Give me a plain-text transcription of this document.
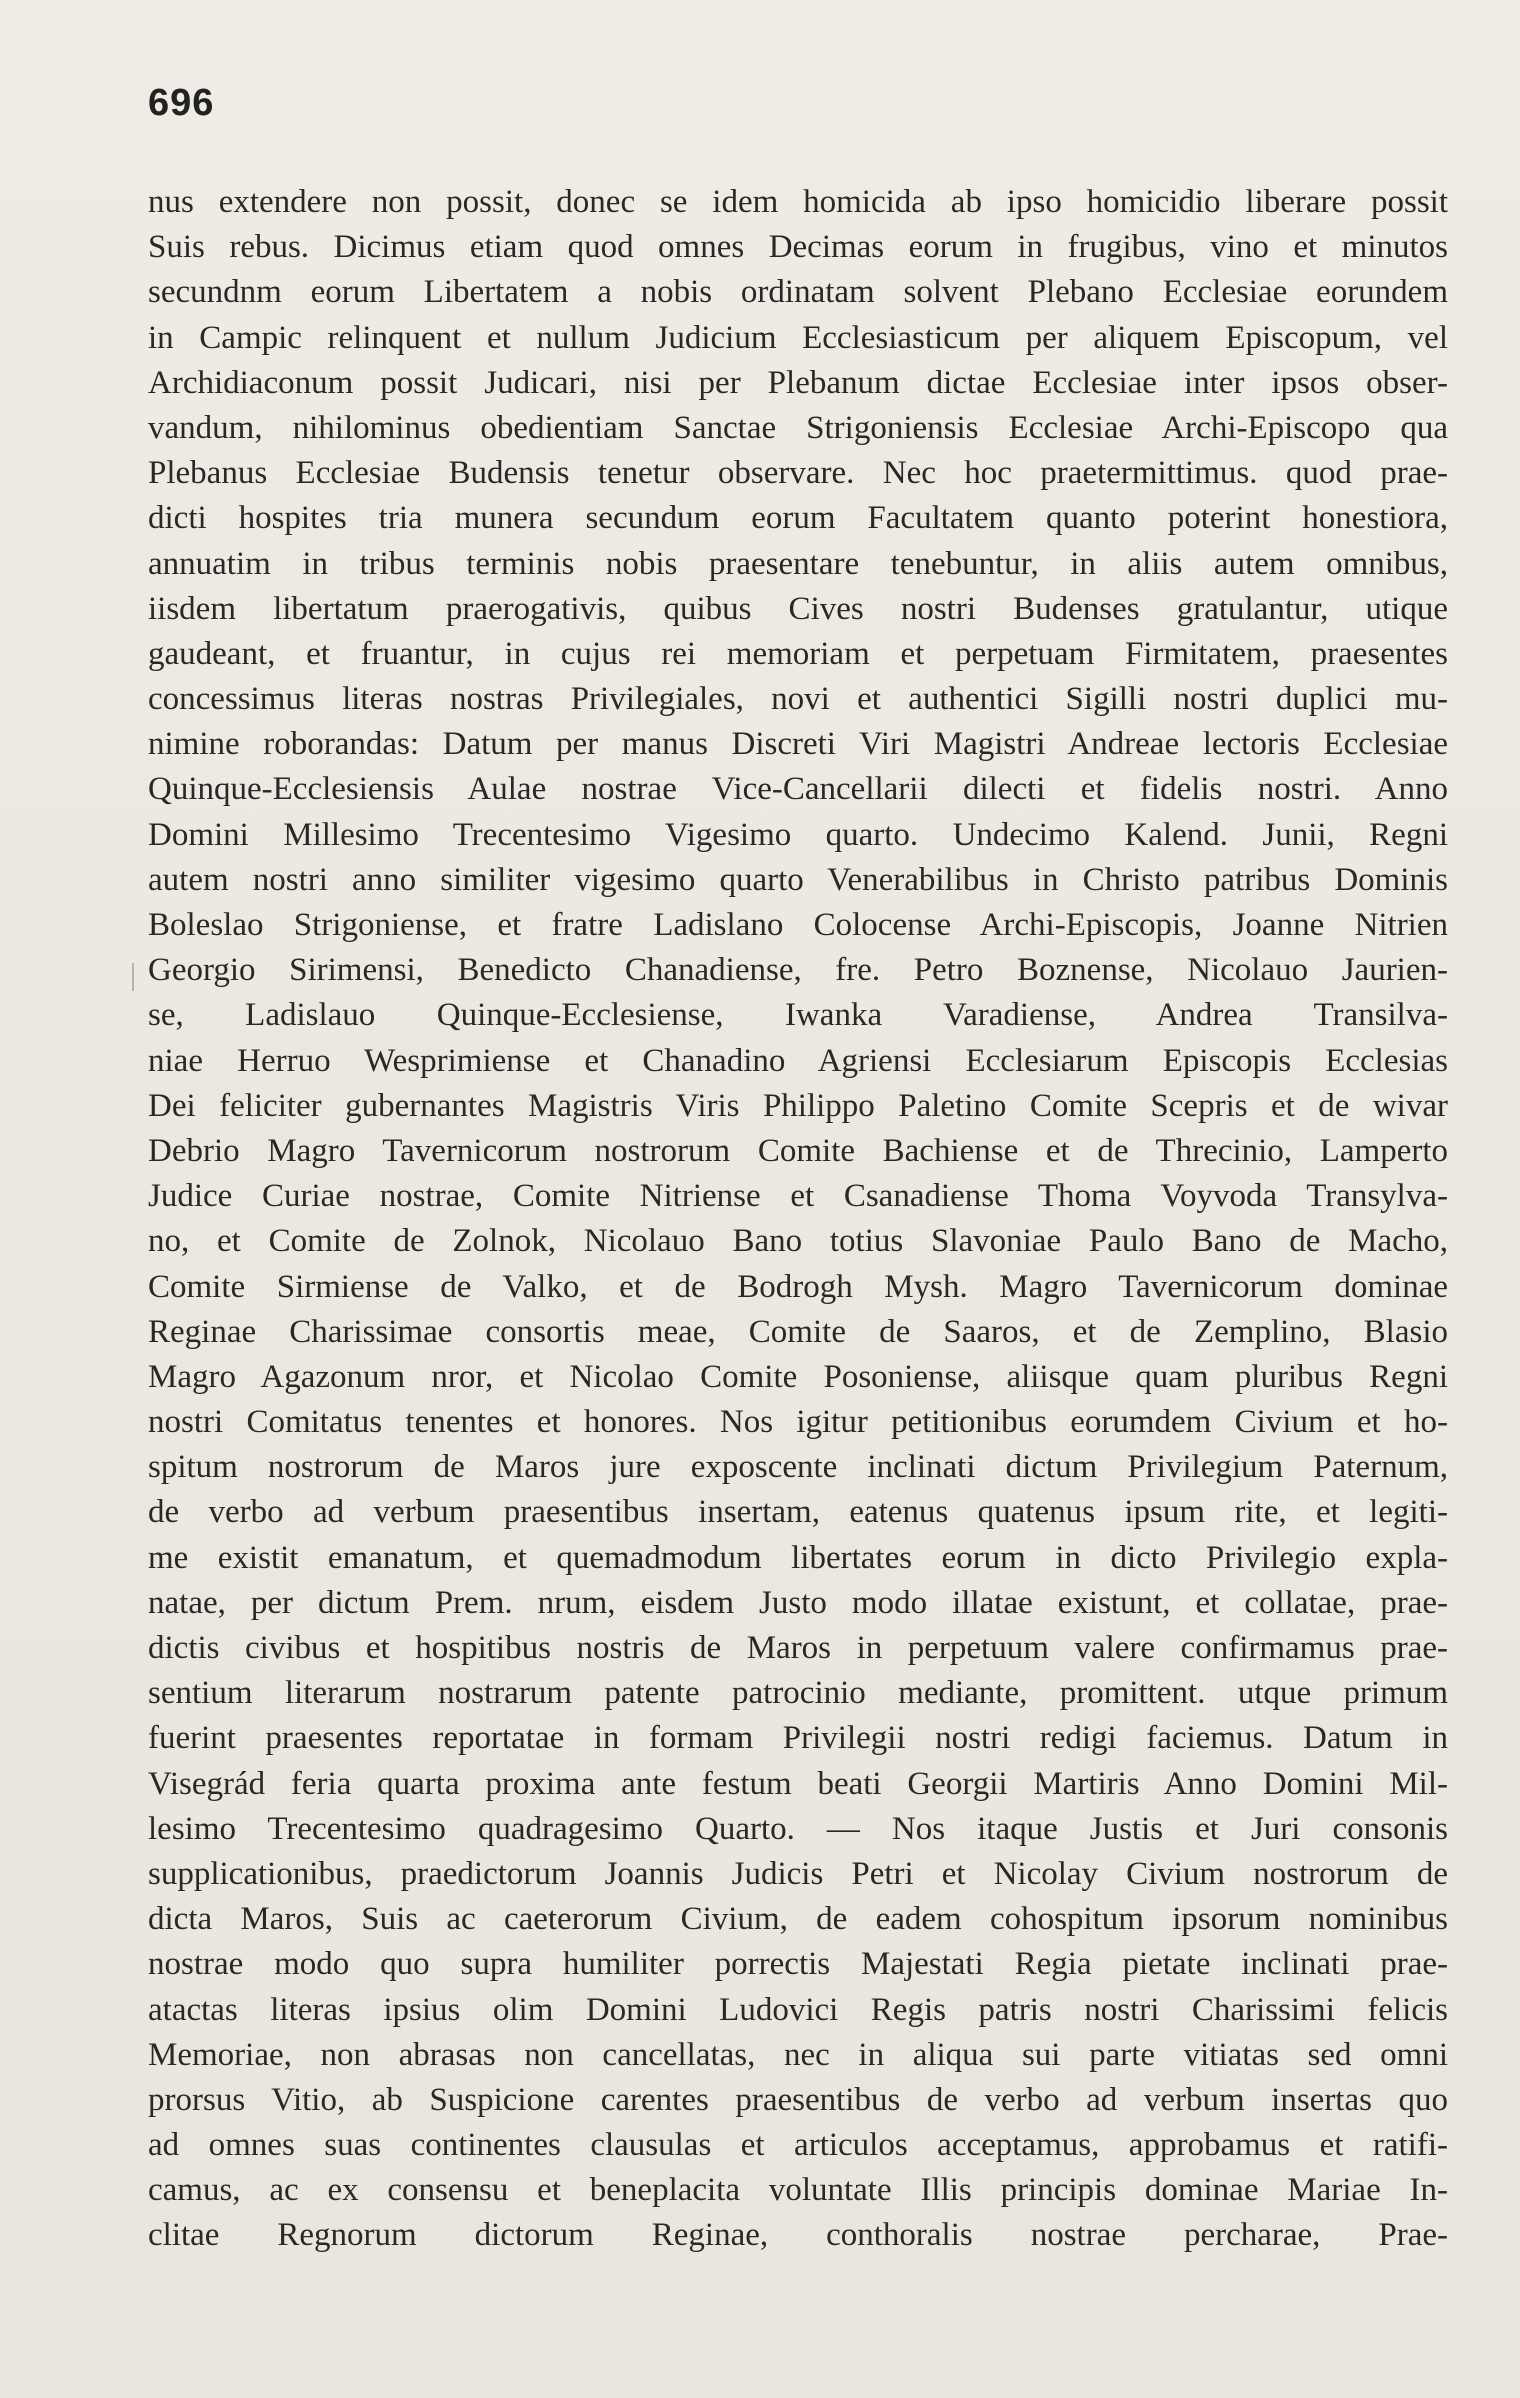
696
nus extendere non possit, donec se idem homicida ab ipso homicidio liberare possit
Suis rebus. Dicimus etiam quod omnes Decimas eorum in frugibus, vino et minutos
secundnm eorum Libertatem a nobis ordinatam solvent Plebano Ecclesiae eorundem
in Campic relinquent et nullum Judicium Ecclesiasticum per aliquem Episcopum, vel
Archidiaconum possit Judicari, nisi per Plebanum dictae Ecclesiae inter ipsos obser-
vandum, nihilominus obedientiam Sanctae Strigoniensis Ecclesiae Archi-Episcopo qua
Plebanus Ecclesiae Budensis tenetur observare. Nec hoc praetermittimus. quod prae-
dicti hospites tria munera secundum eorum Facultatem quanto poterint honestiora,
annuatim in tribus terminis nobis praesentare tenebuntur, in aliis autem omnibus,
iisdem libertatum praerogativis, quibus Cives nostri Budenses gratulantur, utique
gaudeant, et fruantur, in cujus rei memoriam et perpetuam Firmitatem, praesentes
concessimus literas nostras Privilegiales, novi et authentici Sigilli nostri duplici mu-
nimine roborandas: Datum per manus Discreti Viri Magistri Andreae lectoris Ecclesiae
Quinque-Ecclesiensis Aulae nostrae Vice-Cancellarii dilecti et fidelis nostri. Anno
Domini Millesimo Trecentesimo Vigesimo quarto. Undecimo Kalend. Junii, Regni
autem nostri anno similiter vigesimo quarto Venerabilibus in Christo patribus Dominis
Boleslao Strigoniense, et fratre Ladislano Colocense Archi-Episcopis, Joanne Nitrien
Georgio Sirimensi, Benedicto Chanadiense, fre. Petro Boznense, Nicolauo Jaurien-
se, Ladislauo Quinque-Ecclesiense, Iwanka Varadiense, Andrea Transilva-
niae Herruo Wesprimiense et Chanadino Agriensi Ecclesiarum Episcopis Ecclesias
Dei feliciter gubernantes Magistris Viris Philippo Paletino Comite Scepris et de wivar
Debrio Magro Tavernicorum nostrorum Comite Bachiense et de Threcinio, Lamperto
Judice Curiae nostrae, Comite Nitriense et Csanadiense Thoma Voyvoda Transylva-
no, et Comite de Zolnok, Nicolauo Bano totius Slavoniae Paulo Bano de Macho,
Comite Sirmiense de Valko, et de Bodrogh Mysh. Magro Tavernicorum dominae
Reginae Charissimae consortis meae, Comite de Saaros, et de Zemplino, Blasio
Magro Agazonum nror, et Nicolao Comite Posoniense, aliisque quam pluribus Regni
nostri Comitatus tenentes et honores. Nos igitur petitionibus eorumdem Civium et ho-
spitum nostrorum de Maros jure exposcente inclinati dictum Privilegium Paternum,
de verbo ad verbum praesentibus insertam, eatenus quatenus ipsum rite, et legiti-
me existit emanatum, et quemadmodum libertates eorum in dicto Privilegio expla-
natae, per dictum Prem. nrum, eisdem Justo modo illatae existunt, et collatae, prae-
dictis civibus et hospitibus nostris de Maros in perpetuum valere confirmamus prae-
sentium literarum nostrarum patente patrocinio mediante, promittent. utque primum
fuerint praesentes reportatae in formam Privilegii nostri redigi faciemus. Datum in
Visegrád feria quarta proxima ante festum beati Georgii Martiris Anno Domini Mil-
lesimo Trecentesimo quadragesimo Quarto. — Nos itaque Justis et Juri consonis
supplicationibus, praedictorum Joannis Judicis Petri et Nicolay Civium nostrorum de
dicta Maros, Suis ac caeterorum Civium, de eadem cohospitum ipsorum nominibus
nostrae modo quo supra humiliter porrectis Majestati Regia pietate inclinati prae-
atactas literas ipsius olim Domini Ludovici Regis patris nostri Charissimi felicis
Memoriae, non abrasas non cancellatas, nec in aliqua sui parte vitiatas sed omni
prorsus Vitio, ab Suspicione carentes praesentibus de verbo ad verbum insertas quo
ad omnes suas continentes clausulas et articulos acceptamus, approbamus et ratifi-
camus, ac ex consensu et beneplacita voluntate Illis principis dominae Mariae In-
clitae Regnorum dictorum Reginae, conthoralis nostrae percharae, Prae-
